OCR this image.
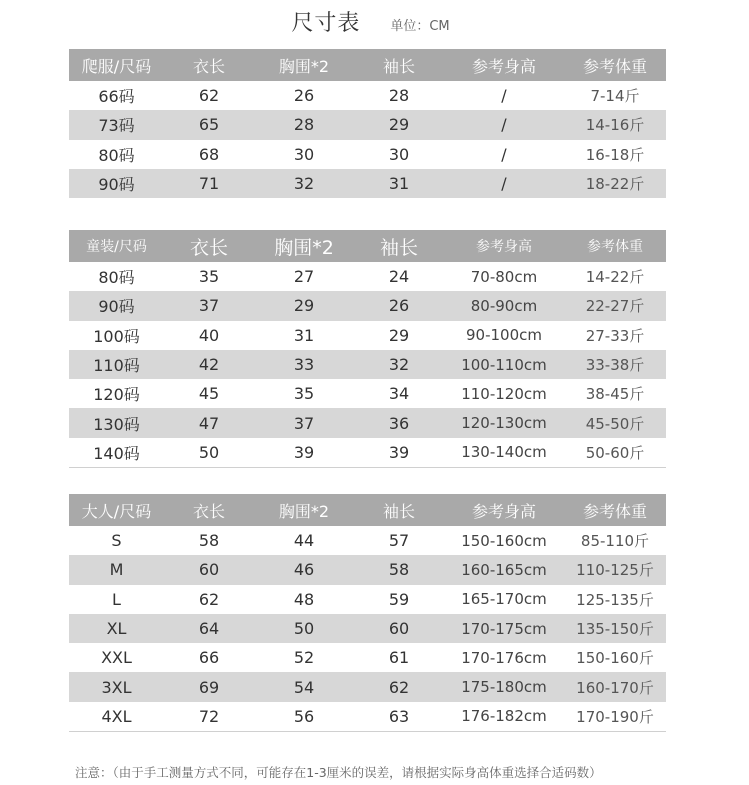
尺寸表 单位：CM
爬服/尺码	衣长	胸围*2	袖长	参考身高	参考体重
66码	62	26	28	/	7-14斤
73码	65	28	29	/	14-16斤
80码	68	30	30	/	16-18斤
90码	71	32	31	/	18-22斤
童装/尺码	衣长	胸围*2	袖长	参考身高	参考体重
80码	35	27	24	70-80cm	14-22斤
90码	37	29	26	80-90cm	22-27斤
100码	40	31	29	90-100cm	27-33斤
110码	42	33	32	100-110cm	33-38斤
120码	45	35	34	110-120cm	38-45斤
130码	47	37	36	120-130cm	45-50斤
140码	50	39	39	130-140cm	50-60斤
大人/尺码	衣长	胸围*2	袖长	参考身高	参考体重
S	58	44	57	150-160cm	85-110斤
M	60	46	58	160-165cm	110-125斤
L	62	48	59	165-170cm	125-135斤
XL	64	50	60	170-175cm	135-150斤
XXL	66	52	61	170-176cm	150-160斤
3XL	69	54	62	175-180cm	160-170斤
4XL	72	56	63	176-182cm	170-190斤
注意：（由于手工测量方式不同，可能存在1-3厘米的误差，请根据实际身高体重选择合适码数）
